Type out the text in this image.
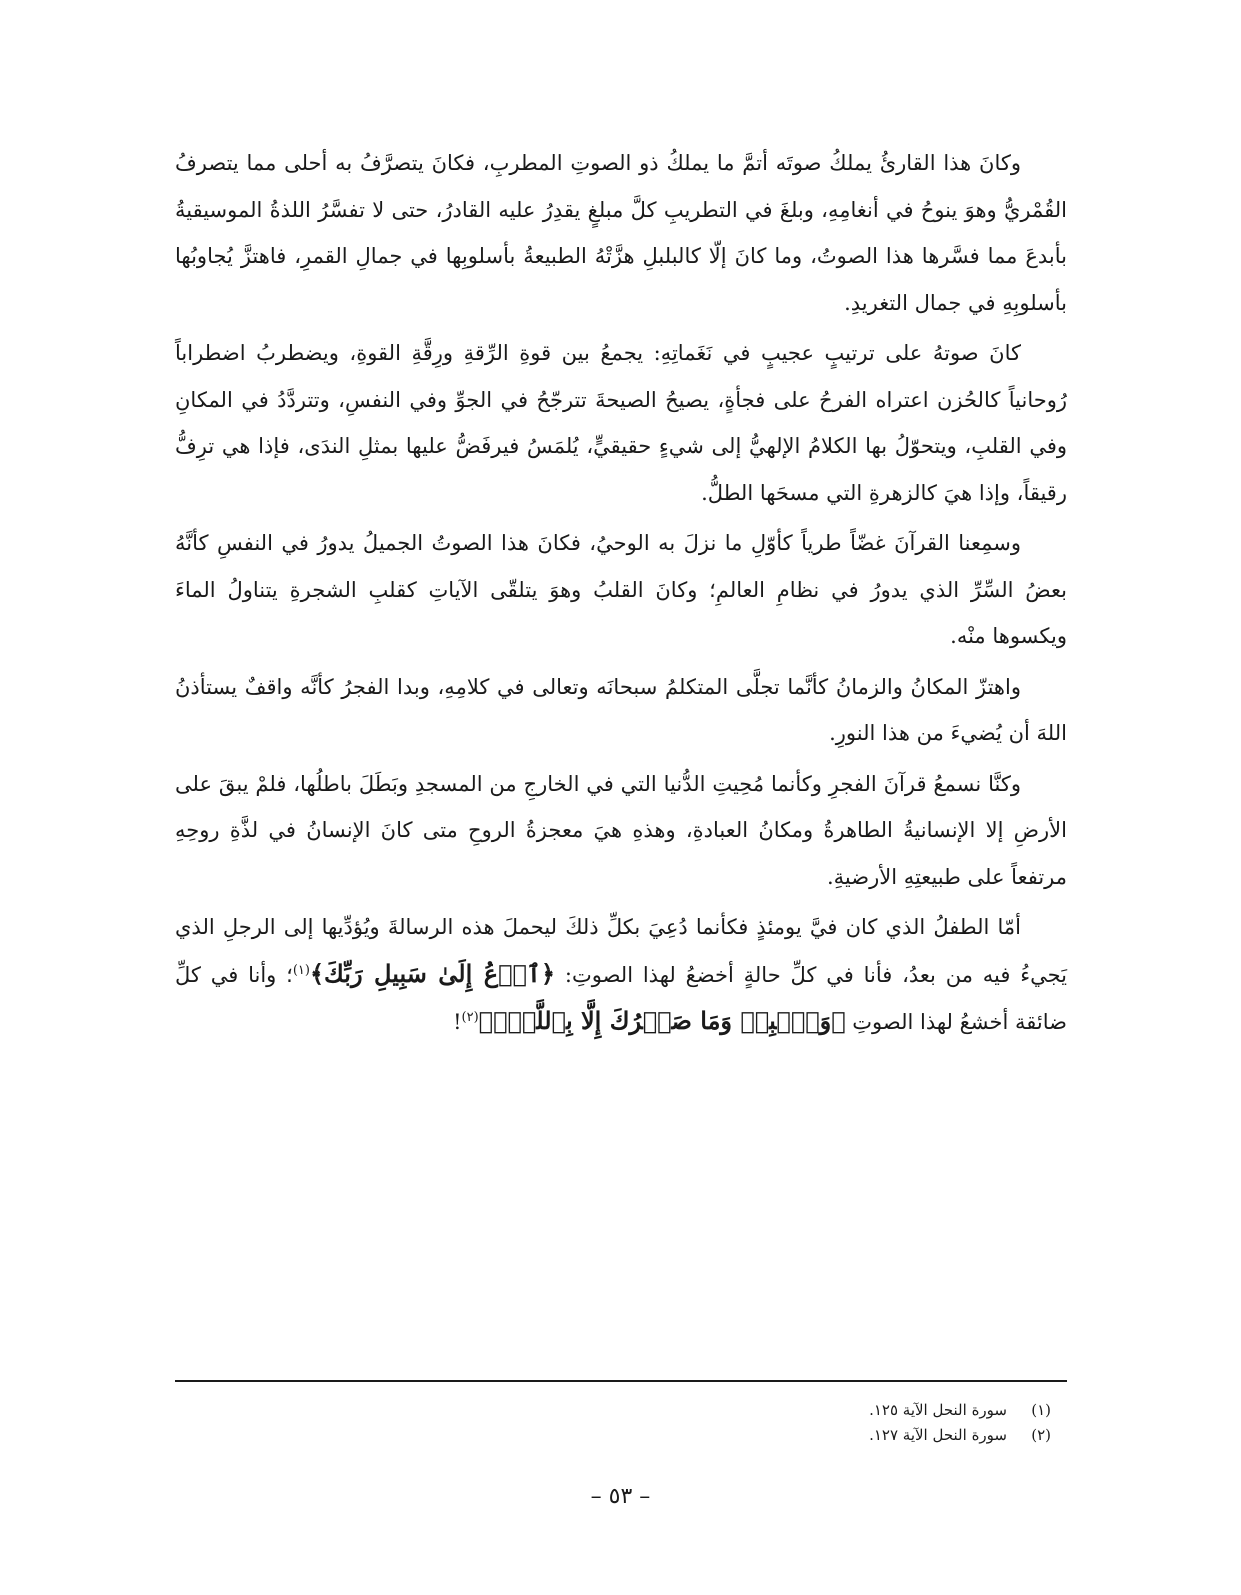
وكانَ هذا القارئُ يملكُ صوتَه أتمَّ ما يملكُ ذو الصوتِ المطربِ، فكانَ يتصرَّفُ به أحلى مما يتصرفُ القُمْريُّ وهوَ ينوحُ في أنغامِهِ، وبلغَ في التطريبِ كلَّ مبلغٍ يقدِرُ عليه القادرُ، حتى لا تفسَّرُ اللذةُ الموسيقيةُ بأبدعَ مما فسَّرها هذا الصوتُ، وما كانَ إلّا كالبلبلِ هزَّتْهُ الطبيعةُ بأسلوبِها في جمالِ القمرِ، فاهتزَّ يُجاوبُها بأسلوبِهِ في جمال التغريدِ.

كانَ صوتهُ على ترتيبٍ عجيبٍ في نَغَماتِهِ: يجمعُ بين قوةِ الرِّقةِ ورِقَّةِ القوةِ، ويضطربُ اضطراباً رُوحانياً كالحُزن اعتراه الفرحُ على فجأةٍ، يصيحُ الصيحةَ تترجّحُ في الجوِّ وفي النفسِ، وتتردَّدُ في المكانِ وفي القلبِ، ويتحوّلُ بها الكلامُ الإلهيُّ إلى شيءٍ حقيقيٍّ، يُلمَسُ فيرفَضُّ عليها بمثلِ الندَى، فإذا هي ترِفُّ رقيقاً، وإذا هيَ كالزهرةِ التي مسحَها الطلُّ.

وسمِعنا القرآنَ غضّاً طرياً كأوّلِ ما نزلَ به الوحيُ، فكانَ هذا الصوتُ الجميلُ يدورُ في النفسِ كأنَّهُ بعضُ السِّرِّ الذي يدورُ في نظامِ العالمِ؛ وكانَ القلبُ وهوَ يتلقّى الآياتِ كقلبِ الشجرةِ يتناولُ الماءَ ويكسوها منْه.

واهتزّ المكانُ والزمانُ كأنَّما تجلَّى المتكلمُ سبحانَه وتعالى في كلامِهِ، وبدا الفجرُ كأنَّه واقفٌ يستأذنُ اللهَ أن يُضيءَ من هذا النورِ.

وكنَّا نسمعُ قرآنَ الفجرِ وكأنما مُحِيتِ الدُّنيا التي في الخارجِ من المسجدِ وبَطَلَ باطلُها، فلمْ يبقَ على الأرضِ إلا الإنسانيةُ الطاهرةُ ومكانُ العبادةِ، وهذهِ هيَ معجزةُ الروحِ متى كانَ الإنسانُ في لذَّةِ روحِهِ مرتفعاً على طبيعتِهِ الأرضيةِ.

أمّا الطفلُ الذي كان فيَّ يومئذٍ فكأنما دُعِيَ بكلِّ ذلكَ ليحملَ هذه الرسالةَ ويُؤدِّيها إلى الرجلِ الذي يَجيءُ فيه من بعدُ، فأنا في كلِّ حالةٍ أخضعُ لهذا الصوتِ: ﴿ٱدۡعُ إِلَىٰ سَبِيلِ رَبِّكَ﴾$^{(١)}$؛ وأنا في كلِّ ضائقة أخشعُ لهذا الصوتِ ﴿وَٱصۡبِرۡ وَمَا صَبۡرُكَ إِلَّا بِٱللَّهِۚ﴾$^{(٢)}$!

(١)سورة النحل الآية ١٢٥.

(٢)سورة النحل الآية ١٢٧.

– ٥٣ –
